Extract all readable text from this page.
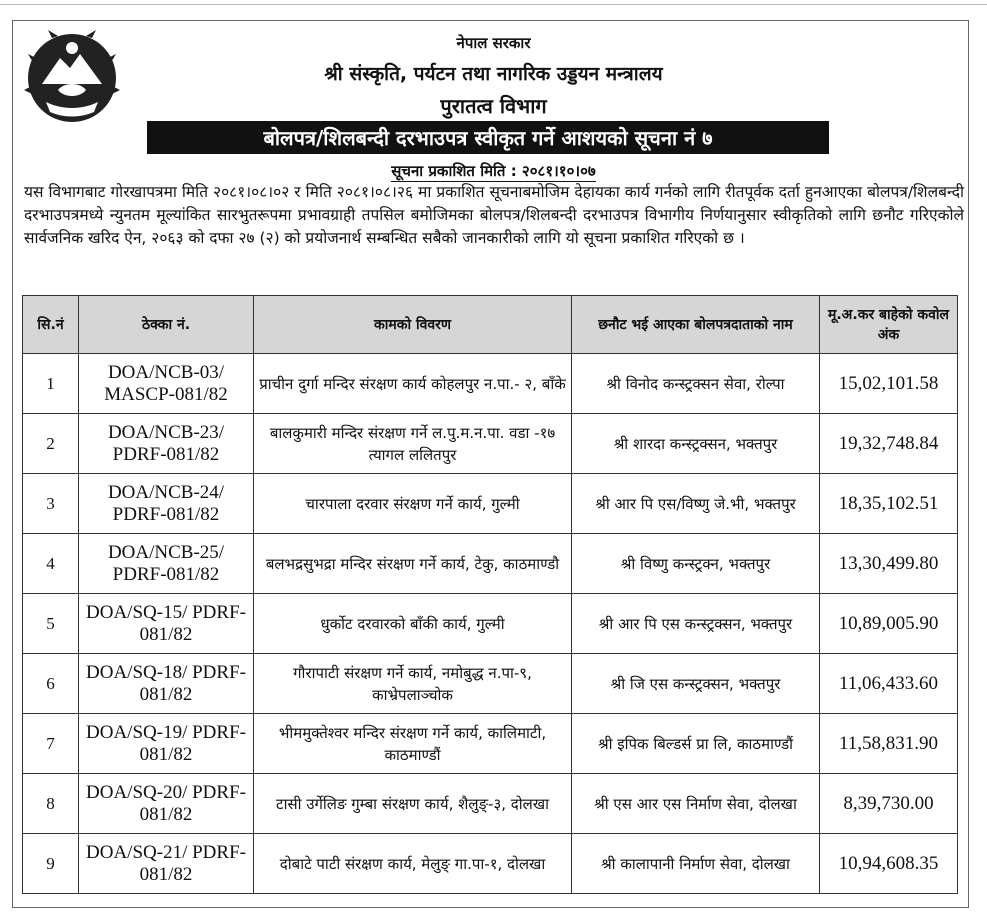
नेपाल सरकार
श्री संस्कृति, पर्यटन तथा नागरिक उड्डयन मन्त्रालय
पुरातत्व विभाग
बोलपत्र/शिलबन्दी दरभाउपत्र स्वीकृत गर्ने आशयको सूचना नं ७
सूचना प्रकाशित मिति : २०८१।१०।०७
यस विभागबाट गोरखापत्रमा मिति २०८१।०८।०२ र मिति २०८१।०८।२६ मा प्रकाशित सूचनाबमोजिम देहायका कार्य गर्नको लागि रीतपूर्वक दर्ता हुनआएका बोलपत्र/शिलबन्दी दरभाउपत्रमध्ये न्युनतम मूल्यांकित सारभुतरूपमा प्रभावग्राही तपसिल बमोजिमका बोलपत्र/शिलबन्दी दरभाउपत्र विभागीय निर्णयानुसार स्वीकृतिको लागि छनौट गरिएकोले सार्वजनिक खरिद ऐन, २०६३ को दफा २७ (२) को प्रयोजनार्थ सम्बन्धित सबैको जानकारीको लागि यो सूचना प्रकाशित गरिएको छ ।
सि.नं	ठेक्का नं.	कामको विवरण	छनौट भई आएका बोलपत्रदाताको नाम	मू.अ.कर बाहेको कवोल अंक
1	DOA/NCB-03/ MASCP-081/82	प्राचीन दुर्गा मन्दिर संरक्षण कार्य कोहलपुर न.पा.- २, बाँके	श्री विनोद कन्स्ट्रक्सन सेवा, रोल्पा	15,02,101.58
2	DOA/NCB-23/ PDRF-081/82	बालकुमारी मन्दिर संरक्षण गर्ने ल.पु.म.न.पा. वडा -१७ त्यागल ललितपुर	श्री शारदा कन्स्ट्रक्सन, भक्तपुर	19,32,748.84
3	DOA/NCB-24/ PDRF-081/82	चारपाला दरवार संरक्षण गर्ने कार्य, गुल्मी	श्री आर पि एस/विष्णु जे.भी, भक्तपुर	18,35,102.51
4	DOA/NCB-25/ PDRF-081/82	बलभद्रसुभद्रा मन्दिर संरक्षण गर्ने कार्य, टेकु, काठमाण्डौ	श्री विष्णु कन्स्ट्रक्न, भक्तपुर	13,30,499.80
5	DOA/SQ-15/ PDRF-081/82	धुर्कोट दरवारको बाँकी कार्य, गुल्मी	श्री आर पि एस कन्स्ट्रक्सन, भक्तपुर	10,89,005.90
6	DOA/SQ-18/ PDRF-081/82	गौरापाटी संरक्षण गर्ने कार्य, नमोबुद्ध न.पा-९, काभ्रेपलाञ्चोक	श्री जि एस कन्स्ट्रक्सन, भक्तपुर	11,06,433.60
7	DOA/SQ-19/ PDRF-081/82	भीममुक्तेश्वर मन्दिर संरक्षण गर्ने कार्य, कालिमाटी, काठमाण्डौं	श्री इपिक बिल्डर्स प्रा लि, काठमाण्डौं	11,58,831.90
8	DOA/SQ-20/ PDRF-081/82	टासी उर्गेलिङ गुम्बा संरक्षण कार्य, शैलुङ्-३, दोलखा	श्री एस आर एस निर्माण सेवा, दोलखा	8,39,730.00
9	DOA/SQ-21/ PDRF-081/82	दोबाटे पाटी संरक्षण कार्य, मेलुङ् गा.पा-१, दोलखा	श्री कालापानी निर्माण सेवा, दोलखा	10,94,608.35
